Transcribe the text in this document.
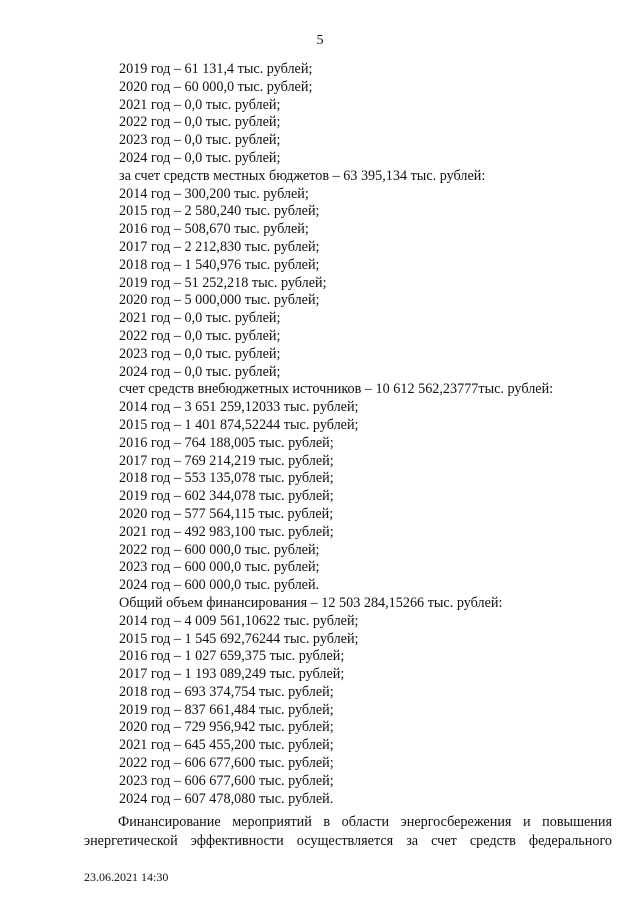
5
2019 год – 61 131,4 тыс. рублей;
2020 год – 60 000,0 тыс. рублей;
2021 год – 0,0 тыс. рублей;
2022 год – 0,0 тыс. рублей;
2023 год – 0,0 тыс. рублей;
2024 год – 0,0 тыс. рублей;
за счет средств местных бюджетов – 63 395,134 тыс. рублей:
2014 год – 300,200 тыс. рублей;
2015 год – 2 580,240 тыс. рублей;
2016 год – 508,670 тыс. рублей;
2017 год – 2 212,830 тыс. рублей;
2018 год – 1 540,976 тыс. рублей;
2019 год – 51 252,218 тыс. рублей;
2020 год – 5 000,000 тыс. рублей;
2021 год – 0,0 тыс. рублей;
2022 год – 0,0 тыс. рублей;
2023 год – 0,0 тыс. рублей;
2024 год – 0,0 тыс. рублей;
счет средств внебюджетных источников – 10 612 562,23777тыс. рублей:
2014 год – 3 651 259,12033 тыс. рублей;
2015 год – 1 401 874,52244 тыс. рублей;
2016 год – 764 188,005 тыс. рублей;
2017 год – 769 214,219 тыс. рублей;
2018 год – 553 135,078 тыс. рублей;
2019 год – 602 344,078 тыс. рублей;
2020 год – 577 564,115 тыс. рублей;
2021 год – 492 983,100 тыс. рублей;
2022 год – 600 000,0 тыс. рублей;
2023 год – 600 000,0 тыс. рублей;
2024 год – 600 000,0 тыс. рублей.
Общий объем финансирования – 12 503 284,15266 тыс. рублей:
2014 год – 4 009 561,10622 тыс. рублей;
2015 год – 1 545 692,76244 тыс. рублей;
2016 год – 1 027 659,375 тыс. рублей;
2017 год – 1 193 089,249 тыс. рублей;
2018 год – 693 374,754 тыс. рублей;
2019 год – 837 661,484 тыс. рублей;
2020 год – 729 956,942 тыс. рублей;
2021 год – 645 455,200 тыс. рублей;
2022 год – 606 677,600 тыс. рублей;
2023 год – 606 677,600 тыс. рублей;
2024 год – 607 478,080 тыс. рублей.
Финансирование мероприятий в области энергосбережения и повышения
энергетической эффективности осуществляется за счет средств федерального
23.06.2021 14:30
